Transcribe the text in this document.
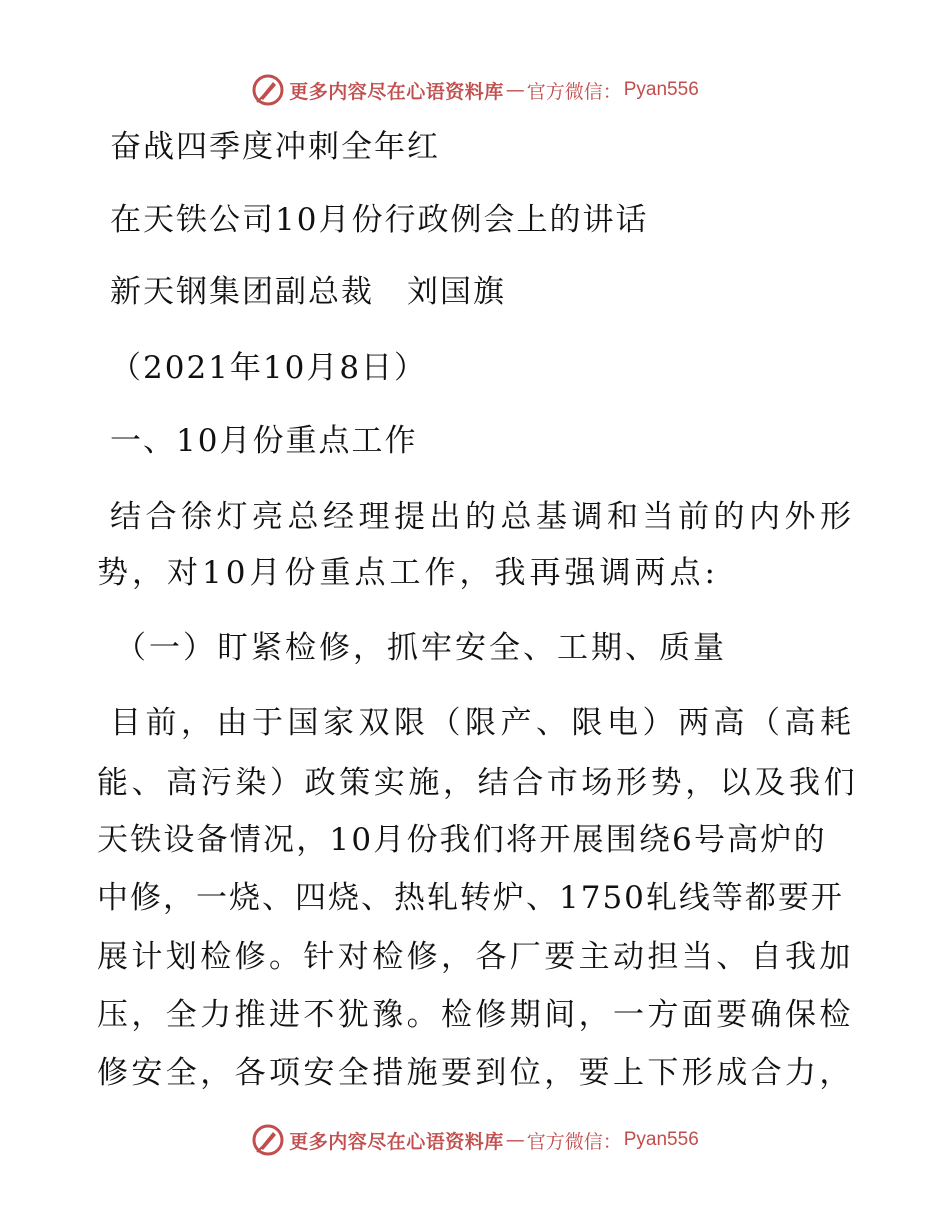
更多内容尽在心语资料库 — 官方微信： Pyan556
奋战四季度冲刺全年红
在天铁公司10月份行政例会上的讲话
新天钢集团副总裁　刘国旗
（2021年10月8日）
一、10月份重点工作
结合徐灯亮总经理提出的总基调和当前的内外形
势，对10月份重点工作，我再强调两点:
（一）盯紧检修，抓牢安全、工期、质量
目前，由于国家双限（限产、限电）两高（高耗
能、高污染）政策实施，结合市场形势，以及我们
天铁设备情况，10月份我们将开展围绕6号高炉的
中修，一烧、四烧、热轧转炉、1750轧线等都要开
展计划检修。针对检修，各厂要主动担当、自我加
压，全力推进不犹豫。检修期间，一方面要确保检
修安全，各项安全措施要到位，要上下形成合力，
更多内容尽在心语资料库 — 官方微信： Pyan556
